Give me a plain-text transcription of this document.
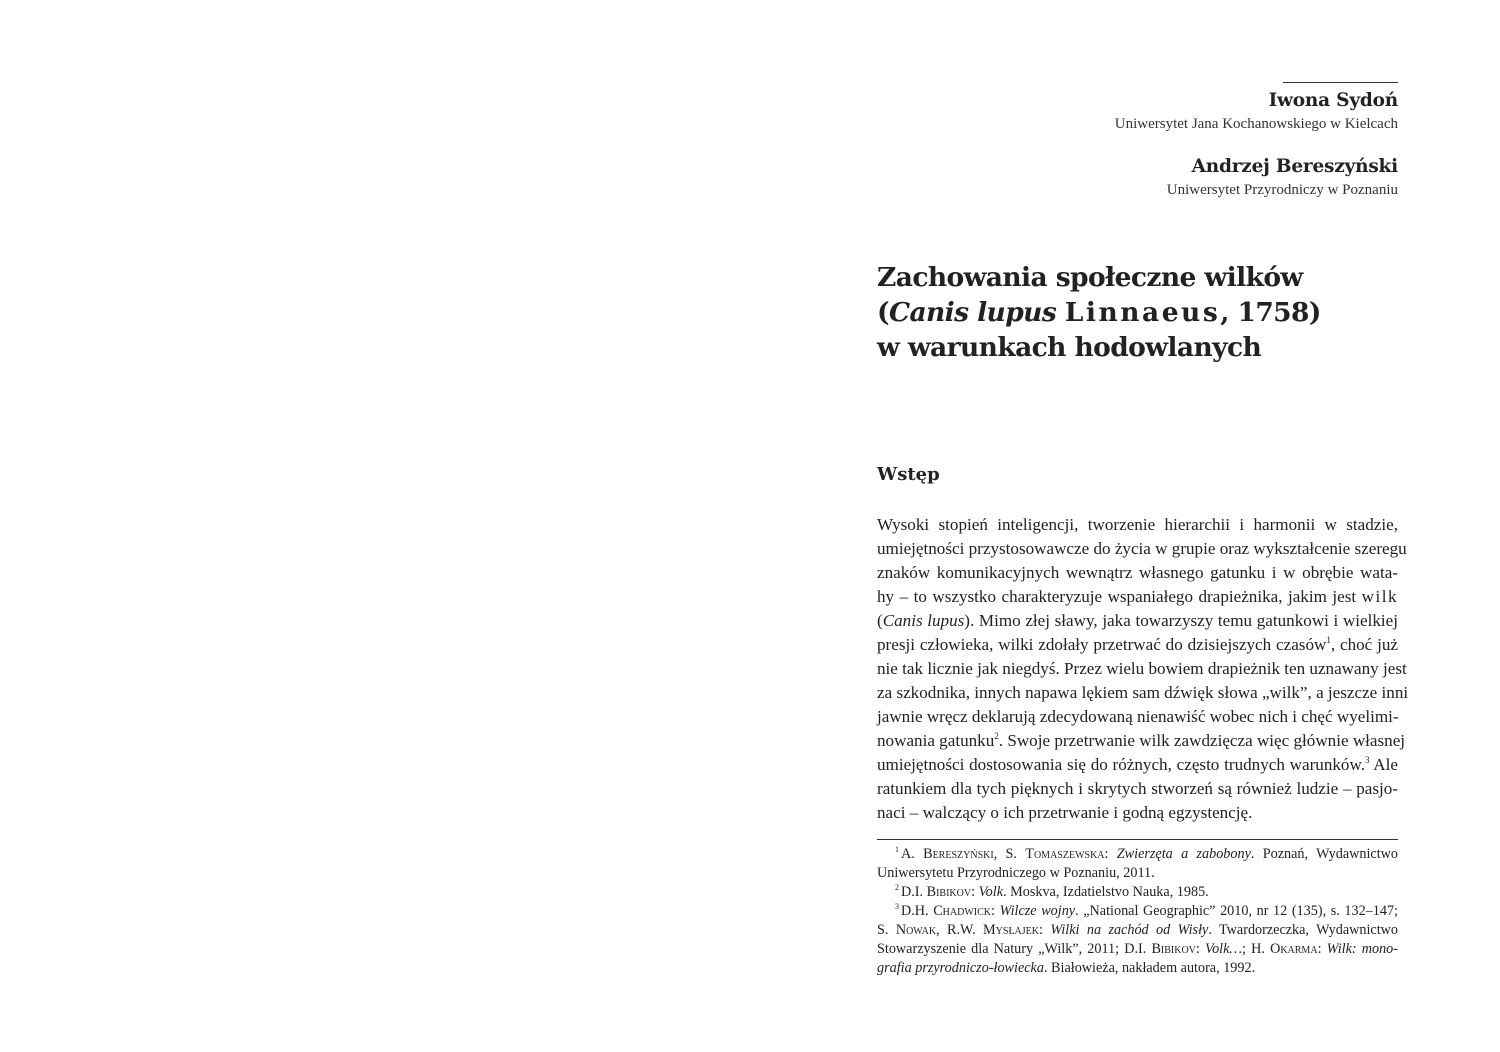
Iwona Sydoń
Uniwersytet Jana Kochanowskiego w Kielcach
Andrzej Bereszyński
Uniwersytet Przyrodniczy w Poznaniu
Zachowania społeczne wilków
(Canis lupus Linnaeus, 1758)
w warunkach hodowlanych
Wstęp
Wysoki stopień inteligencji, tworzenie hierarchii i harmonii w stadzie,
umiejętności przystosowawcze do życia w grupie oraz wykształcenie szeregu
znaków komunikacyjnych wewnątrz własnego gatunku i w obrębie wata-
hy – to wszystko charakteryzuje wspaniałego drapieżnika, jakim jest wilk
(Canis lupus). Mimo złej sławy, jaka towarzyszy temu gatunkowi i wielkiej
presji człowieka, wilki zdołały przetrwać do dzisiejszych czasów$^1$, choć już
nie tak licznie jak niegdyś. Przez wielu bowiem drapieżnik ten uznawany jest
za szkodnika, innych napawa lękiem sam dźwięk słowa „wilk”, a jeszcze inni
jawnie wręcz deklarują zdecydowaną nienawiść wobec nich i chęć wyelimi-
nowania gatunku$^2$. Swoje przetrwanie wilk zawdzięcza więc głównie własnej
umiejętności dostosowania się do różnych, często trudnych warunków.$^3$ Ale
ratunkiem dla tych pięknych i skrytych stworzeń są również ludzie – pasjo-
naci – walczący o ich przetrwanie i godną egzystencję.
$^1$ A. Bereszyński, S. Tomaszewska: Zwierzęta a zabobony. Poznań, Wydawnictwo
Uniwersytetu Przyrodniczego w Poznaniu, 2011.
$^2$ D.I. Bibikov: Volk. Moskva, Izdatielstvo Nauka, 1985.
$^3$ D.H. Chadwick: Wilcze wojny. „National Geographic” 2010, nr 12 (135), s. 132–147;
S. Nowak, R.W. Mysłajek: Wilki na zachód od Wisły. Twardorzeczka, Wydawnictwo
Stowarzyszenie dla Natury „Wilk”, 2011; D.I. Bibikov: Volk…; H. Okarma: Wilk: mono-
grafia przyrodniczo-łowiecka. Białowieża, nakładem autora, 1992.
